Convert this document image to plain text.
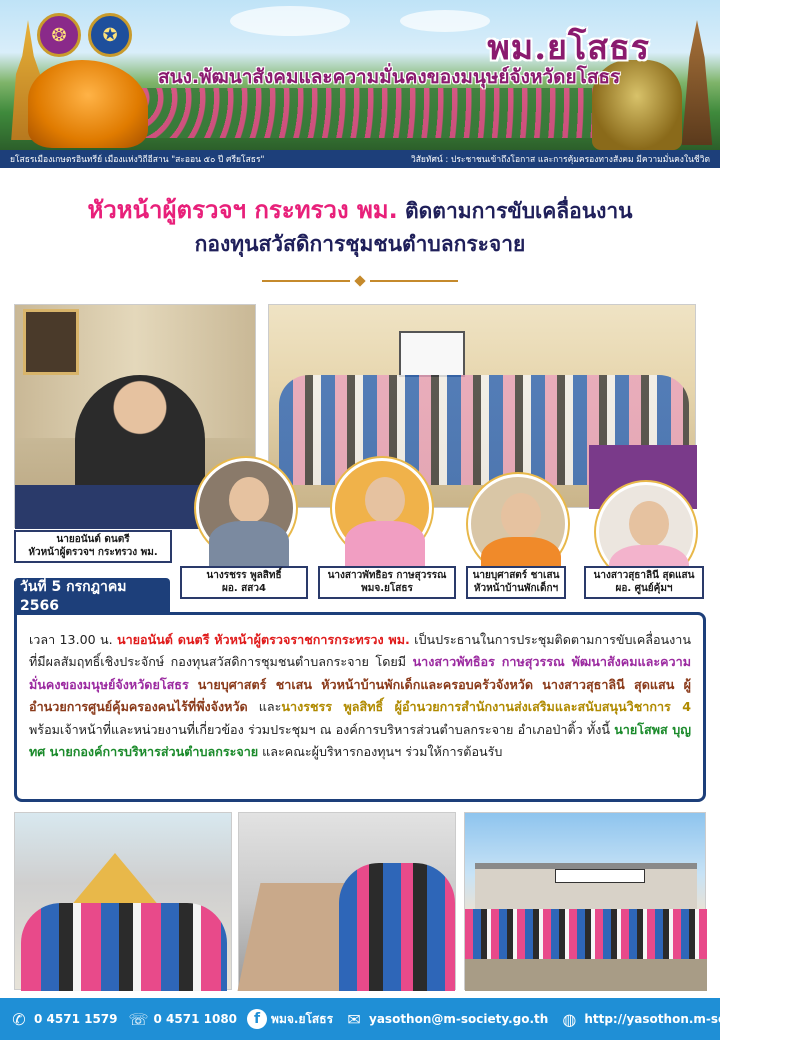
❂	✪	พม.ยโสธร
สนง.พัฒนาสังคมและความมั่นคงของมนุษย์จังหวัดยโสธร
ยโสธรเมืองเกษตรอินทรีย์ เมืองแห่งวิถีอีสาน "สะออน ๕๐ ปี ศรียโสธร"	วิสัยทัศน์ : ประชาชนเข้าถึงโอกาส และการคุ้มครองทางสังคม มีความมั่นคงในชีวิต
หัวหน้าผู้ตรวจฯ กระทรวง พม. ติดตามการขับเคลื่อนงาน
กองทุนสวัสดิการชุมชนตำบลกระจาย
นายอนันต์ ดนตรี
หัวหน้าผู้ตรวจฯ กระทรวง พม.
นางรชรร พูลสิทธิ์
ผอ. สสว4
นางสาวพัทธิอร กาษสุวรรณ
พมจ.ยโสธร
นายบุศาสตร์ ชาเสน
หัวหน้าบ้านพักเด็กฯ
นางสาวสุธาลินี สุดแสน
ผอ. ศูนย์คุ้มฯ
วันที่ 5 กรกฎาคม 2566
เวลา 13.00 น. นายอนันต์ ดนตรี หัวหน้าผู้ตรวจราชการกระทรวง พม. เป็นประธานในการประชุมติดตามการขับเคลื่อนงานที่มีผลสัมฤทธิ์เชิงประจักษ์ กองทุนสวัสดิการชุมชนตำบลกระจาย โดยมี นางสาวพัทธิอร กาษสุวรรณ พัฒนาสังคมและความมั่นคงของมนุษย์จังหวัดยโสธร นายบุศาสตร์ ชาเสน หัวหน้าบ้านพักเด็กและครอบครัวจังหวัด นางสาวสุธาลินี สุดแสน ผู้อำนวยการศูนย์คุ้มครองคนไร้ที่พึ่งจังหวัด และนางรชรร พูลสิทธิ์ ผู้อำนวยการสำนักงานส่งเสริมและสนับสนุนวิชาการ 4 พร้อมเจ้าหน้าที่และหน่วยงานที่เกี่ยวข้อง ร่วมประชุมฯ ณ องค์การบริหารส่วนตำบลกระจาย อำเภอป่าติ้ว ทั้งนี้ นายโสพส บุญทศ นายกองค์การบริหารส่วนตำบลกระจาย และคณะผู้บริหารกองทุนฯ ร่วมให้การต้อนรับ
✆ 0 4571 1579 ☏ 0 4571 1080	f พมจ.ยโสธร ✉ yasothon@m-society.go.th ◍ http://yasothon.m-society.go.th/
